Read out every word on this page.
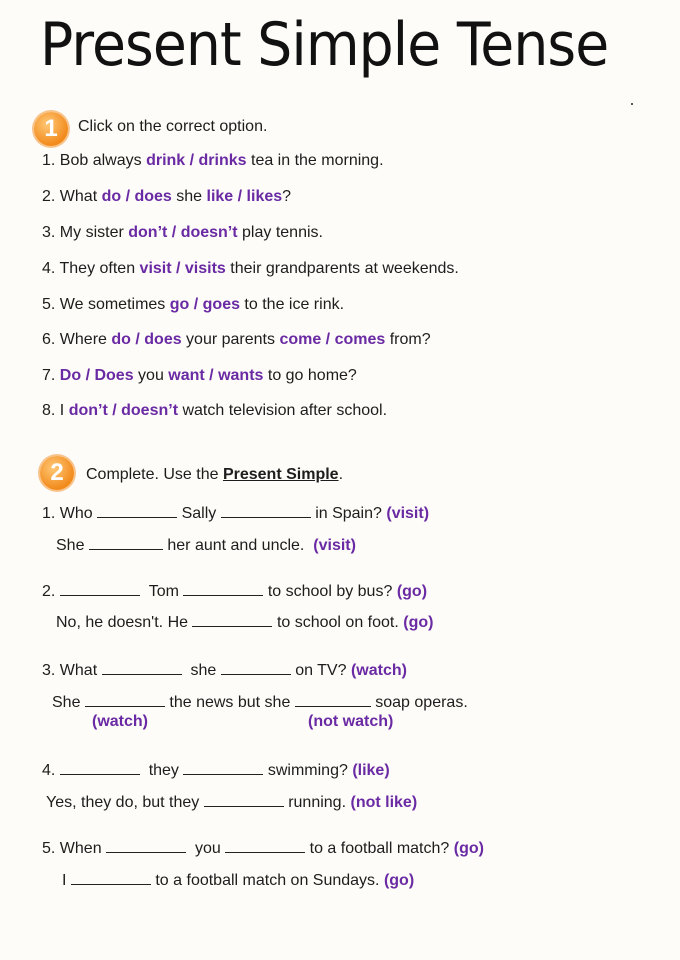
Present Simple Tense
1	Click on the correct option.
1. Bob always drink / drinks tea in the morning.
2. What do / does she like / likes?
3. My sister don’t / doesn’t play tennis.
4. They often visit / visits their grandparents at weekends.
5. We sometimes go / goes to the ice rink.
6. Where do / does your parents come / comes from?
7. Do / Does you want / wants to go home?
8. I don’t / doesn’t watch television after school.
2	Complete. Use the Present Simple.
1. Who	Sally	in Spain? (visit)
She	her aunt and uncle. (visit)
2.	Tom	to school by bus? (go)
No, he doesn't. He	to school on foot. (go)
3. What	she	on TV? (watch)
She	the news but she	soap operas.
(watch)	(not watch)
4.	they	swimming? (like)
Yes, they do, but they	running. (not like)
5. When	you	to a football match? (go)
I	to a football match on Sundays. (go)
